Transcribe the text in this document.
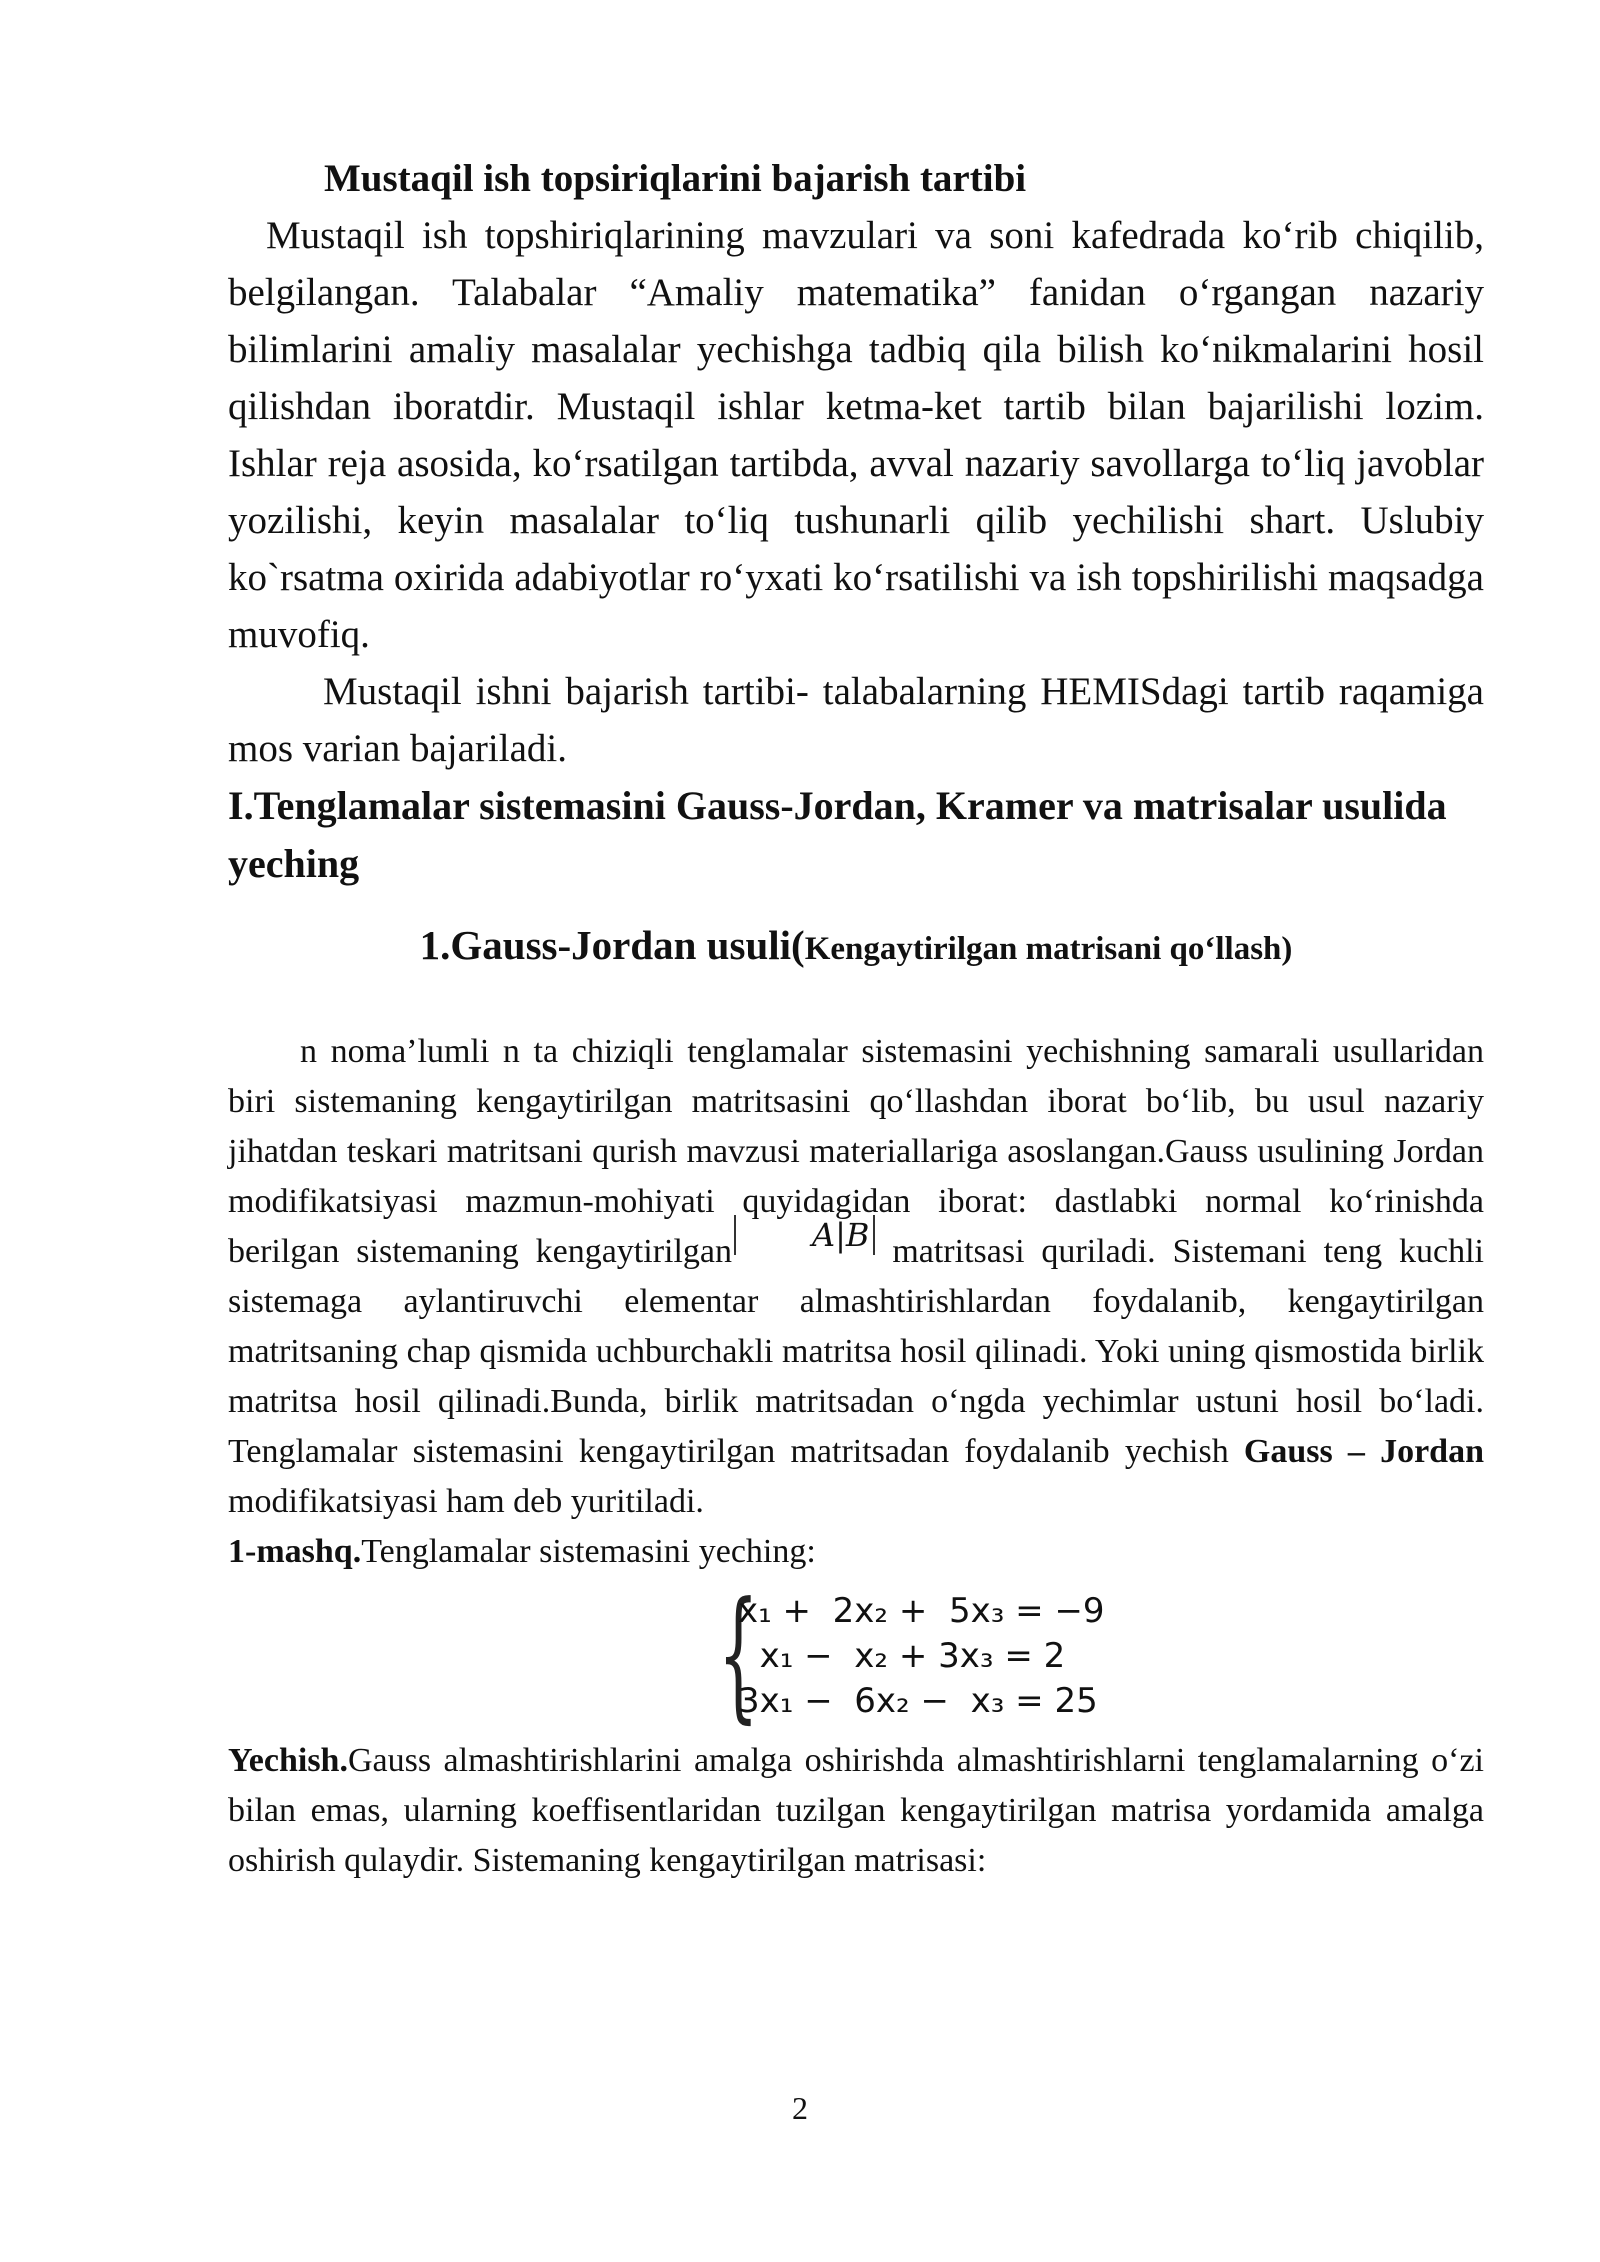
Mustaqil ish topsiriqlarini bajarish tartibi

Mustaqil ish topshiriqlarining mavzulari va soni kafedrada ko‘rib chiqilib, belgilangan. Talabalar “Amaliy matematika” fanidan o‘rgangan nazariy bilimlarini amaliy masalalar yechishga tadbiq qila bilish ko‘nikmalarini hosil qilishdan iboratdir. Mustaqil ishlar ketma-ket tartib bilan bajarilishi lozim. Ishlar reja asosida, ko‘rsatilgan tartibda, avval nazariy savollarga to‘liq javoblar yozilishi, keyin masalalar to‘liq tushunarli qilib yechilishi shart. Uslubiy ko`rsatma oxirida adabiyotlar ro‘yxati ko‘rsatilishi va ish topshirilishi maqsadga muvofiq.

Mustaqil ishni bajarish tartibi- talabalarning HEMISdagi tartib raqamiga mos varian bajariladi.

I.Tenglamalar sistemasini Gauss-Jordan, Kramer va matrisalar usulida yeching

1.Gauss-Jordan usuli(Kengaytirilgan matrisani qo‘llash)

n noma’lumli n ta chiziqli tenglamalar sistemasini yechishning samarali usullaridan biri sistemaning kengaytirilgan matritsasini qo‘llashdan iborat bo‘lib, bu usul nazariy jihatdan teskari matritsani qurish mavzusi materiallariga asoslangan.Gauss usulining Jordan modifikatsiyasi mazmun-mohiyati quyidagidan iborat: dastlabki normal ko‘rinishda berilgan sistemaning kengaytirilgan	A|B matritsasi quriladi. Sistemani teng kuchli sistemaga aylantiruvchi elementar almashtirishlardan foydalanib, kengaytirilgan matritsaning chap qismida uchburchakli matritsa hosil qilinadi. Yoki uning qismostida birlik matritsa hosil qilinadi.Bunda, birlik matritsadan o‘ngda yechimlar ustuni hosil bo‘ladi. Tenglamalar sistemasini kengaytirilgan matritsadan foydalanib yechish Gauss – Jordan modifikatsiyasi ham deb yuritiladi.

1-mashq.Tenglamalar sistemasini yeching:

{
x₁ +  2x₂ +  5x₃ = −9
x₁ −  x₂ + 3x₃ = 2
3x₁ −  6x₂ −  x₃ = 25

Yechish.Gauss almashtirishlarini amalga oshirishda almashtirishlarni tenglamalarning o‘zi bilan emas, ularning koeffisentlaridan tuzilgan kengaytirilgan matrisa yordamida amalga oshirish qulaydir. Sistemaning kengaytirilgan matrisasi:

2
